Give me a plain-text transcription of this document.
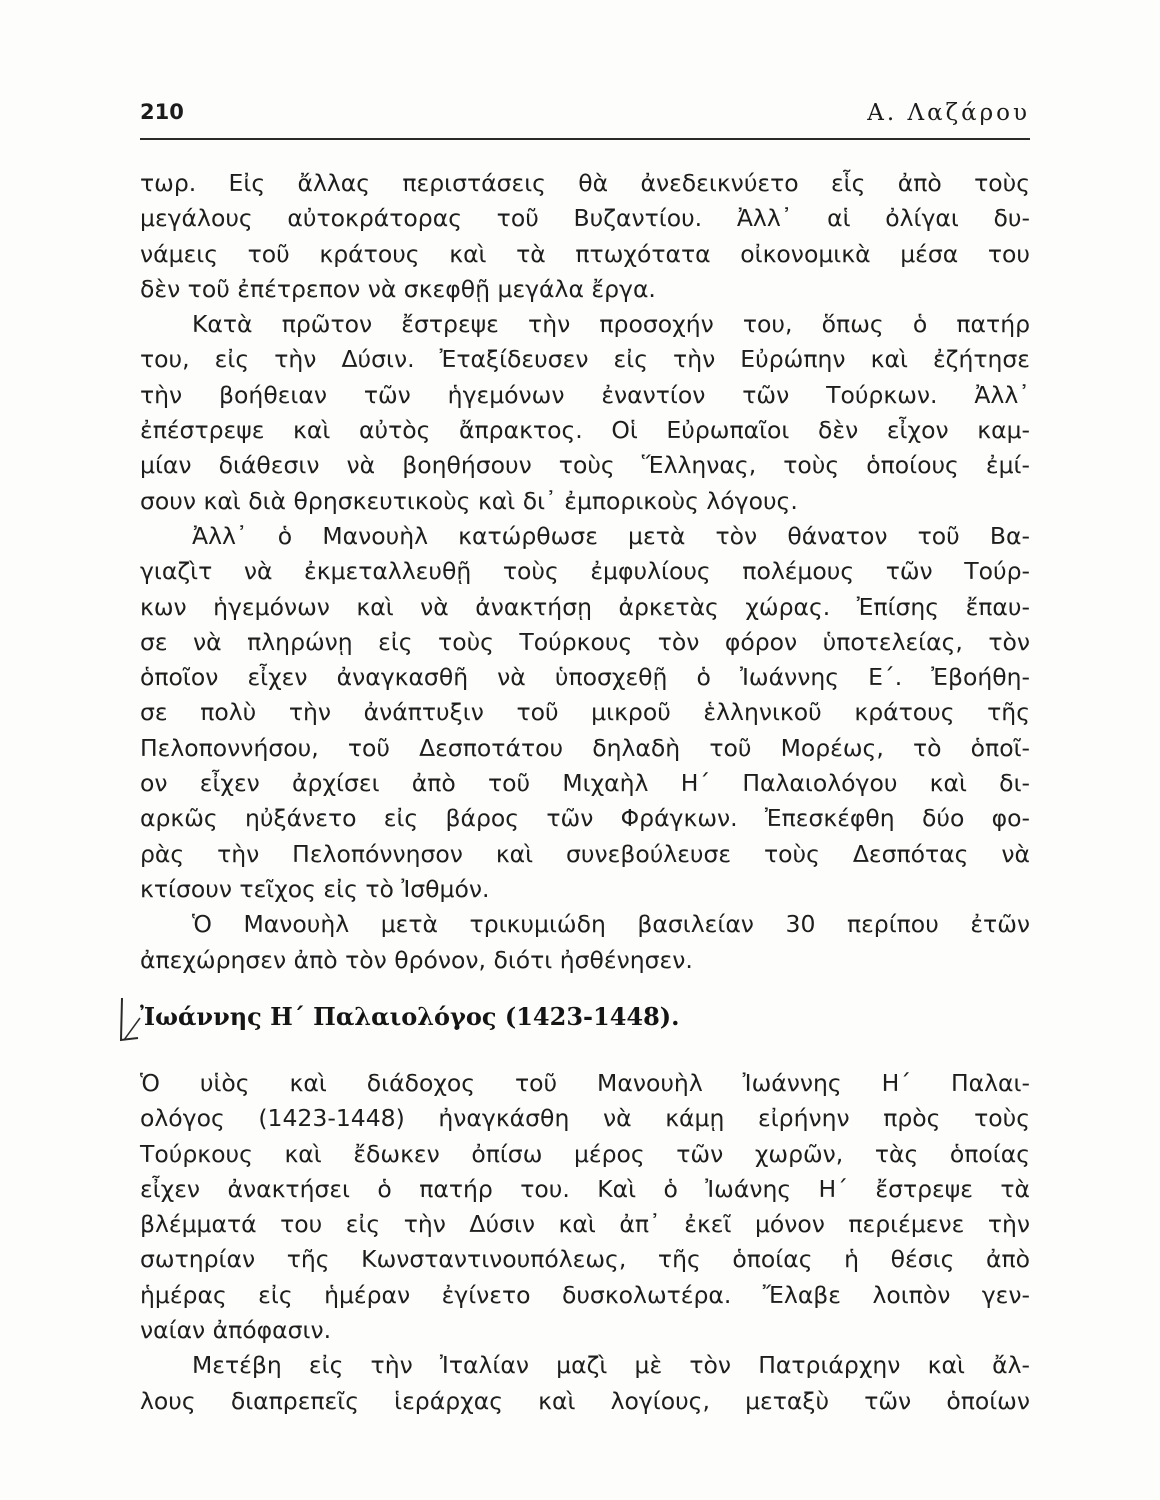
210	Α. Λαζάρου
τωρ. Εἰς ἄλλας περιστάσεις θὰ ἀνεδεικνύετο εἷς ἀπὸ τοὺς
μεγάλους αὐτοκράτορας τοῦ Βυζαντίου. Ἀλλ᾽ αἱ ὀλίγαι δυ-
νάμεις τοῦ κράτους καὶ τὰ πτωχότατα οἰκονομικὰ μέσα του
δὲν τοῦ ἐπέτρεπον νὰ σκεφθῇ μεγάλα ἔργα.
Κατὰ πρῶτον ἔστρεψε τὴν προσοχήν του, ὅπως ὁ πατήρ
του, εἰς τὴν Δύσιν. Ἐταξίδευσεν εἰς τὴν Εὐρώπην καὶ ἐζήτησε
τὴν βοήθειαν τῶν ἡγεμόνων ἐναντίον τῶν Τούρκων. Ἀλλ᾽
ἐπέστρεψε καὶ αὐτὸς ἄπρακτος. Οἱ Εὐρωπαῖοι δὲν εἶχον καμ-
μίαν διάθεσιν νὰ βοηθήσουν τοὺς Ἕλληνας, τοὺς ὁποίους ἐμί-
σουν καὶ διὰ θρησκευτικοὺς καὶ δι᾽ ἐμπορικοὺς λόγους.
Ἀλλ᾽ ὁ Μανουὴλ κατώρθωσε μετὰ τὸν θάνατον τοῦ Βα-
γιαζὶτ νὰ ἐκμεταλλευθῇ τοὺς ἐμφυλίους πολέμους τῶν Τούρ-
κων ἡγεμόνων καὶ νὰ ἀνακτήσῃ ἀρκετὰς χώρας. Ἐπίσης ἔπαυ-
σε νὰ πληρώνῃ εἰς τοὺς Τούρκους τὸν φόρον ὑποτελείας, τὸν
ὁποῖον εἶχεν ἀναγκασθῆ νὰ ὑποσχεθῇ ὁ Ἰωάννης Ε΄. Ἐβοήθη-
σε πολὺ τὴν ἀνάπτυξιν τοῦ μικροῦ ἑλληνικοῦ κράτους τῆς
Πελοποννήσου, τοῦ Δεσποτάτου δηλαδὴ τοῦ Μορέως, τὸ ὁποῖ-
ον εἶχεν ἀρχίσει ἀπὸ τοῦ Μιχαὴλ Η΄ Παλαιολόγου καὶ δι-
αρκῶς ηὐξάνετο εἰς βάρος τῶν Φράγκων. Ἐπεσκέφθη δύο φο-
ρὰς τὴν Πελοπόννησον καὶ συνεβούλευσε τοὺς Δεσπότας νὰ
κτίσουν τεῖχος εἰς τὸ Ἰσθμόν.
Ὁ Μανουὴλ μετὰ τρικυμιώδη βασιλείαν 30 περίπου ἐτῶν
ἀπεχώρησεν ἀπὸ τὸν θρόνον, διότι ἠσθένησεν.
Ἰωάννης Η΄ Παλαιολόγος (1423-1448).
Ὁ υἱὸς καὶ διάδοχος τοῦ Μανουὴλ Ἰωάννης Η΄ Παλαι-
ολόγος (1423-1448) ἠναγκάσθη νὰ κάμῃ εἰρήνην πρὸς τοὺς
Τούρκους καὶ ἔδωκεν ὀπίσω μέρος τῶν χωρῶν, τὰς ὁποίας
εἶχεν ἀνακτήσει ὁ πατήρ του. Καὶ ὁ Ἰωάνης Η΄ ἔστρεψε τὰ
βλέμματά του εἰς τὴν Δύσιν καὶ ἀπ᾽ ἐκεῖ μόνον περιέμενε τὴν
σωτηρίαν τῆς Κωνσταντινουπόλεως, τῆς ὁποίας ἡ θέσις ἀπὸ
ἡμέρας εἰς ἡμέραν ἐγίνετο δυσκολωτέρα. Ἔλαβε λοιπὸν γεν-
ναίαν ἀπόφασιν.
Μετέβη εἰς τὴν Ἰταλίαν μαζὶ μὲ τὸν Πατριάρχην καὶ ἄλ-
λους διαπρεπεῖς ἱεράρχας καὶ λογίους, μεταξὺ τῶν ὁποίων
